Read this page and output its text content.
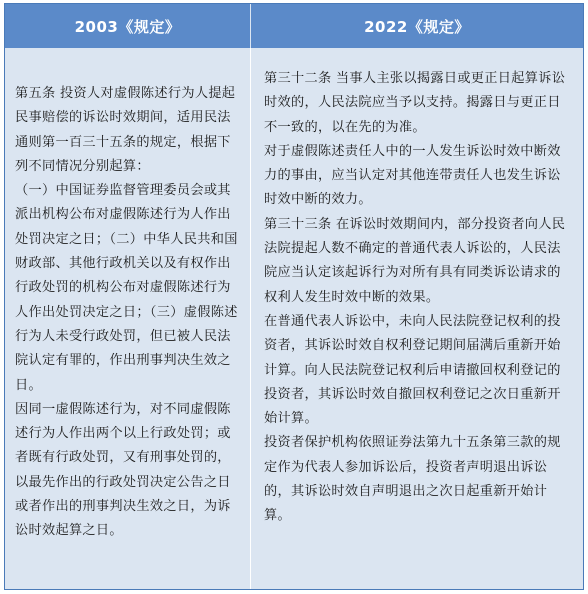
2003《规定》	2022《规定》

第五条 投资人对虚假陈述行为人提起民事赔偿的诉讼时效期间，适用民法通则第一百三十五条的规定，根据下列不同情况分别起算：

（一）中国证券监督管理委员会或其派出机构公布对虚假陈述行为人作出处罚决定之日；（二）中华人民共和国财政部、其他行政机关以及有权作出行政处罚的机构公布对虚假陈述行为人作出处罚决定之日；（三）虚假陈述行为人未受行政处罚，但已被人民法院认定有罪的，作出刑事判决生效之日。

因同一虚假陈述行为，对不同虚假陈述行为人作出两个以上行政处罚；或者既有行政处罚，又有刑事处罚的，以最先作出的行政处罚决定公告之日或者作出的刑事判决生效之日，为诉讼时效起算之日。

第三十二条 当事人主张以揭露日或更正日起算诉讼时效的，人民法院应当予以支持。揭露日与更正日不一致的，以在先的为准。

对于虚假陈述责任人中的一人发生诉讼时效中断效力的事由，应当认定对其他连带责任人也发生诉讼时效中断的效力。

第三十三条 在诉讼时效期间内，部分投资者向人民法院提起人数不确定的普通代表人诉讼的，人民法院应当认定该起诉行为对所有具有同类诉讼请求的权利人发生时效中断的效果。

在普通代表人诉讼中，未向人民法院登记权利的投资者，其诉讼时效自权利登记期间届满后重新开始计算。向人民法院登记权利后申请撤回权利登记的投资者，其诉讼时效自撤回权利登记之次日重新开始计算。

投资者保护机构依照证券法第九十五条第三款的规定作为代表人参加诉讼后，投资者声明退出诉讼的，其诉讼时效自声明退出之次日起重新开始计算。
